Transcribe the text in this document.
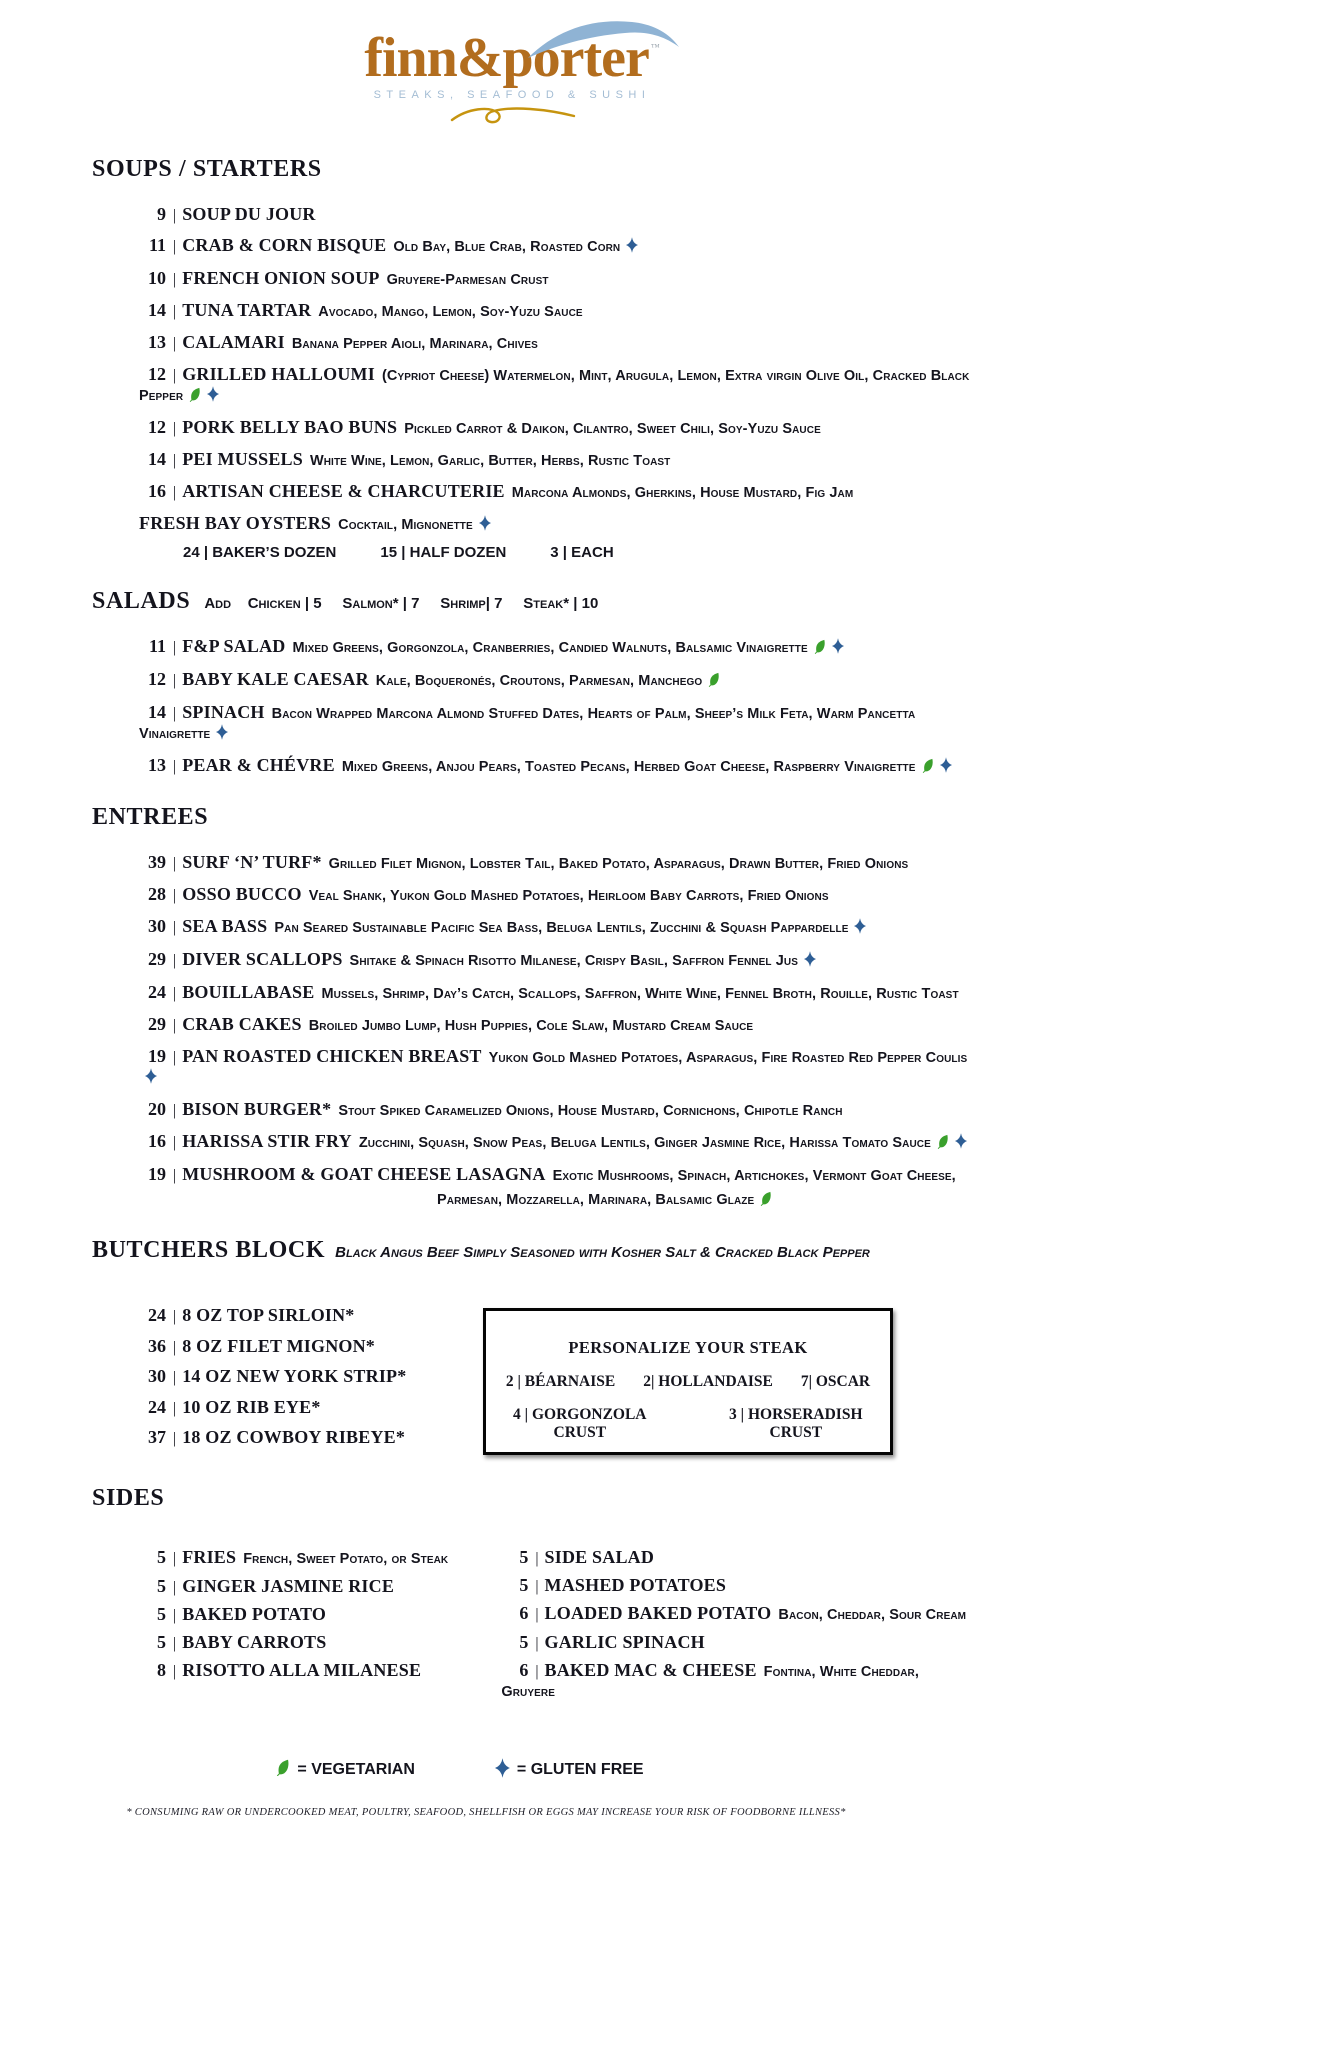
finn&porter ™
STEAKS, SEAFOOD & SUSHI
SOUPS / STARTERS
9 | SOUP DU JOUR
11 | CRAB & CORN BISQUE Old Bay, Blue Crab, Roasted Corn
10 | FRENCH ONION SOUP Gruyere-Parmesan Crust
14 | TUNA TARTAR Avocado, Mango, Lemon, Soy-Yuzu Sauce
13 | CALAMARI Banana Pepper Aioli, Marinara, Chives
12 | GRILLED HALLOUMI (Cypriot Cheese) Watermelon, Mint, Arugula, Lemon, Extra virgin Olive Oil, Cracked Black Pepper
12 | PORK BELLY BAO BUNS Pickled Carrot & Daikon, Cilantro, Sweet Chili, Soy-Yuzu Sauce
14 | PEI MUSSELS White Wine, Lemon, Garlic, Butter, Herbs, Rustic Toast
16 | ARTISAN CHEESE & CHARCUTERIE Marcona Almonds, Gherkins, House Mustard, Fig Jam
FRESH BAY OYSTERS Cocktail, Mignonette
24 | BAKER’S DOZEN	15 | HALF DOZEN	3 | EACH
SALADS Add    Chicken | 5     Salmon* | 7     Shrimp| 7     Steak* | 10
11 | F&P SALAD Mixed Greens, Gorgonzola, Cranberries, Candied Walnuts, Balsamic Vinaigrette
12 | BABY KALE CAESAR Kale, Boqueronés, Croutons, Parmesan, Manchego
14 | SPINACH Bacon Wrapped Marcona Almond Stuffed Dates, Hearts of Palm, Sheep’s Milk Feta, Warm Pancetta Vinaigrette
13 | PEAR & CHÉVRE Mixed Greens, Anjou Pears, Toasted Pecans, Herbed Goat Cheese, Raspberry Vinaigrette
ENTREES
39 | SURF ‘N’ TURF* Grilled Filet Mignon, Lobster Tail, Baked Potato, Asparagus, Drawn Butter, Fried Onions
28 | OSSO BUCCO Veal Shank, Yukon Gold Mashed Potatoes, Heirloom Baby Carrots, Fried Onions
30 | SEA BASS Pan Seared Sustainable Pacific Sea Bass, Beluga Lentils, Zucchini & Squash Pappardelle
29 | DIVER SCALLOPS Shitake & Spinach Risotto Milanese, Crispy Basil, Saffron Fennel Jus
24 | BOUILLABASE Mussels, Shrimp, Day’s Catch, Scallops, Saffron, White Wine, Fennel Broth, Rouille, Rustic Toast
29 | CRAB CAKES Broiled Jumbo Lump, Hush Puppies, Cole Slaw, Mustard Cream Sauce
19 | PAN ROASTED CHICKEN BREAST Yukon Gold Mashed Potatoes, Asparagus, Fire Roasted Red Pepper Coulis
20 | BISON BURGER* Stout Spiked Caramelized Onions, House Mustard, Cornichons, Chipotle Ranch
16 | HARISSA STIR FRY Zucchini, Squash, Snow Peas, Beluga Lentils, Ginger Jasmine Rice, Harissa Tomato Sauce
19 | MUSHROOM & GOAT CHEESE LASAGNA Exotic Mushrooms, Spinach, Artichokes, Vermont Goat Cheese,
Parmesan, Mozzarella, Marinara, Balsamic Glaze
BUTCHERS BLOCK Black Angus Beef Simply Seasoned with Kosher Salt & Cracked Black Pepper
24 | 8 OZ TOP SIRLOIN*
36 | 8 OZ FILET MIGNON*
30 | 14 OZ NEW YORK STRIP*
24 | 10 OZ RIB EYE*
37 | 18 OZ COWBOY RIBEYE*
PERSONALIZE YOUR STEAK
2 | BÉARNAISE 2| HOLLANDAISE 7| OSCAR
4 | GORGONZOLA CRUST
3 | HORSERADISH CRUST
SIDES
5 | FRIES French, Sweet Potato, or Steak
5 | GINGER JASMINE RICE
5 | BAKED POTATO
5 | BABY CARROTS
8 | RISOTTO ALLA MILANESE
5 | SIDE SALAD
5 | MASHED POTATOES
6 | LOADED BAKED POTATO Bacon, Cheddar, Sour Cream
5 | GARLIC SPINACH
6 | BAKED MAC & CHEESE Fontina, White Cheddar, Gruyere
= VEGETARIAN	= GLUTEN FREE
* CONSUMING RAW OR UNDERCOOKED MEAT, POULTRY, SEAFOOD, SHELLFISH OR EGGS MAY INCREASE YOUR RISK OF FOODBORNE ILLNESS*
